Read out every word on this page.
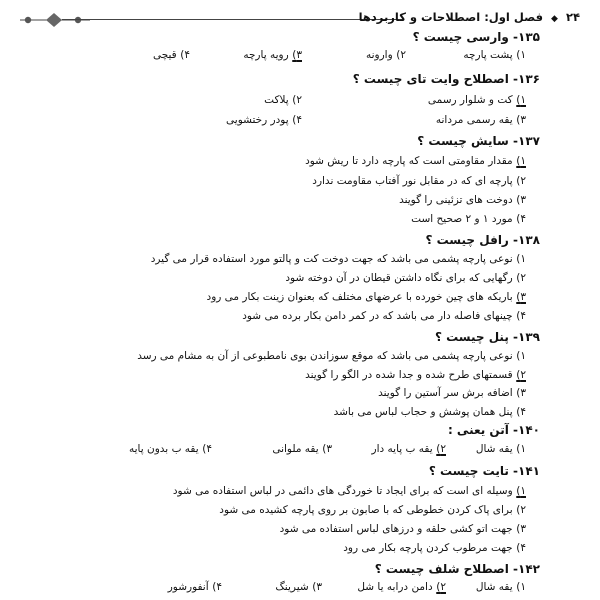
۲۴ ◆ فصل اول: اصطلاحات و کاربردها
۱۳۵- وارسی چیست ؟
۱) پشت پارچه
۲) وارونه
۳) رویه پارچه
۴) قیچی
۱۳۶- اصطلاح وایت تای چیست ؟
۱) کت و شلوار رسمی
۲) پلاکت
۳) یقه رسمی مردانه
۴) پودر رختشویی
۱۳۷- سایش چیست ؟
۱) مقدار مقاومتی است که پارچه دارد تا ریش شود
۲) پارچه ای که در مقابل نور آفتاب مقاومت ندارد
۳) دوخت های تزئینی را گویند
۴) مورد ۱ و ۲ صحیح است
۱۳۸- رافل چیست ؟
۱) نوعی پارچه پشمی می باشد که جهت دوخت کت و پالتو مورد استفاده قرار می گیرد
۲) رگهایی که برای نگاه داشتن قیطان در آن دوخته شود
۳) باریکه های چین خورده با عرضهای مختلف که بعنوان زینت بکار می رود
۴) چینهای فاصله دار می باشد که در کمر دامن بکار برده می شود
۱۳۹- پنل چیست ؟
۱) نوعی پارچه پشمی می باشد که موقع سوزاندن بوی نامطبوعی از آن به مشام می رسد
۲) قسمتهای طرح شده و جدا شده در الگو را گویند
۳) اضافه برش سر آستین را گویند
۴) پنل همان پوشش و حجاب لباس می باشد
۱۴۰- آتن یعنی :
۱) یقه شال
۲) یقه ب پایه دار
۳) یقه ملوانی
۴) یقه ب بدون پایه
۱۴۱- تایت چیست ؟
۱) وسیله ای است که برای ایجاد تا خوردگی های دائمی در لباس استفاده می شود
۲) برای پاک کردن خطوطی که با صابون بر روی پارچه کشیده می شود
۳) جهت اتو کشی حلقه و درزهای لباس استفاده می شود
۴) جهت مرطوب کردن پارچه بکار می رود
۱۴۲- اصطلاح شلف چیست ؟
۱) یقه شال
۲) دامن درابه یا شل
۳) شیرینگ
۴) آنفورشور
